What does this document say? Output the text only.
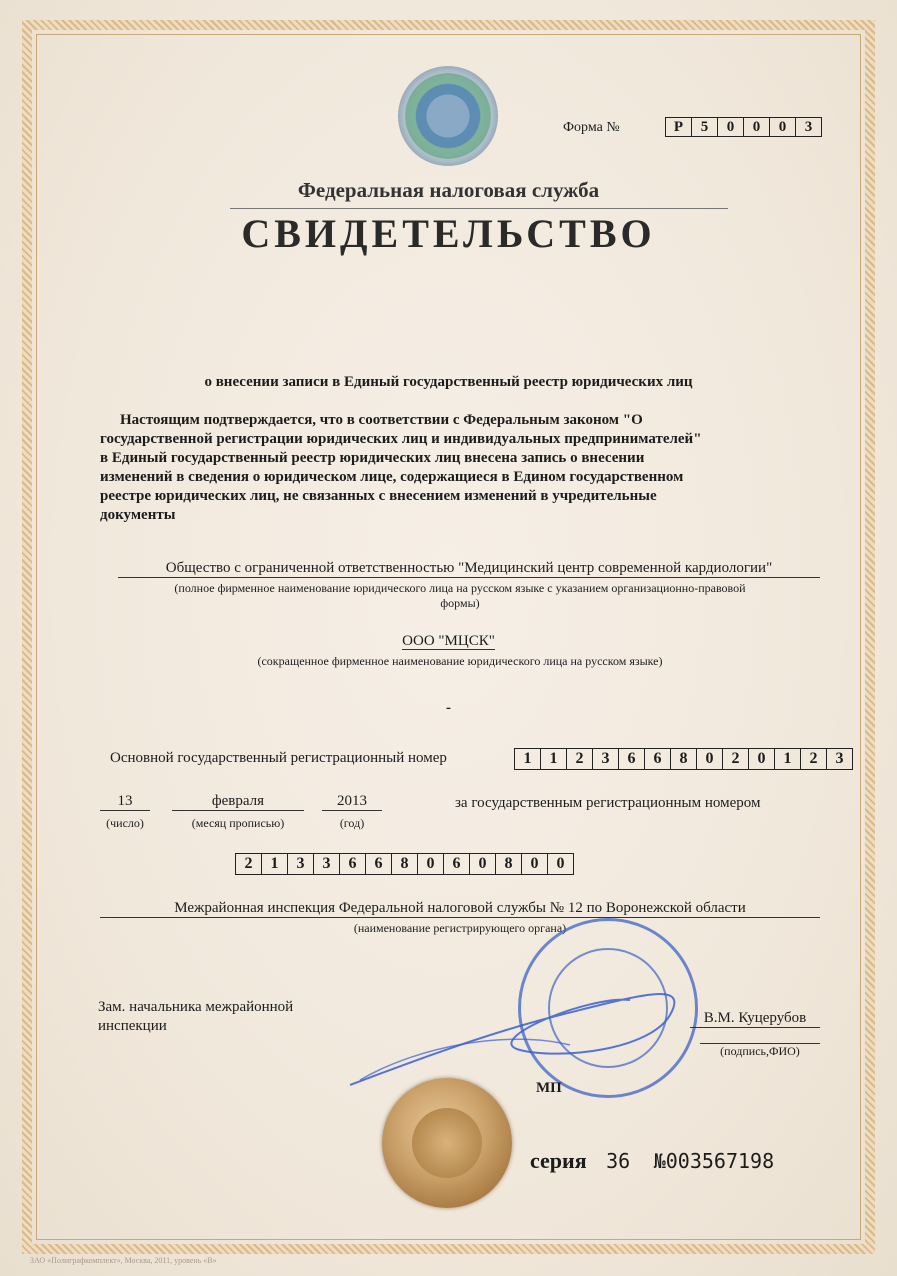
Форма №	Р	5	0	0	0	3
Федеральная налоговая служба
СВИДЕТЕЛЬСТВО
о внесении записи в Единый государственный реестр юридических лиц
Настоящим подтверждается, что в соответствии с Федеральным законом "О
государственной регистрации юридических лиц и индивидуальных предпринимателей"
в Единый государственный реестр юридических лиц внесена запись о внесении
изменений в сведения о юридическом лице, содержащиеся в Едином государственном
реестре юридических лиц, не связанных с внесением изменений в учредительные
документы
Общество с ограниченной ответственностью "Медицинский центр современной кардиологии"
(полное фирменное наименование юридического лица на русском языке с указанием организационно-правовой
формы)
ООО "МЦСК"
(сокращенное фирменное наименование юридического лица на русском языке)
-
Основной государственный регистрационный номер	1	1	2	3	6	6	8	0	2	0	1	2	3
13
(число)
февраля
(месяц прописью)
2013
(год)
за государственным регистрационным номером
2	1	3	3	6	6	8	0	6	0	8	0	0
Межрайонная инспекция Федеральной налоговой службы № 12 по Воронежской области
(наименование регистрирующего органа)
Зам. начальника межрайонной
инспекции	В.М. Куцерубов
(подпись,ФИО)
МП
серия 36 №003567198
ЗАО «Полиграфкомплект», Москва, 2011, уровень «В»
